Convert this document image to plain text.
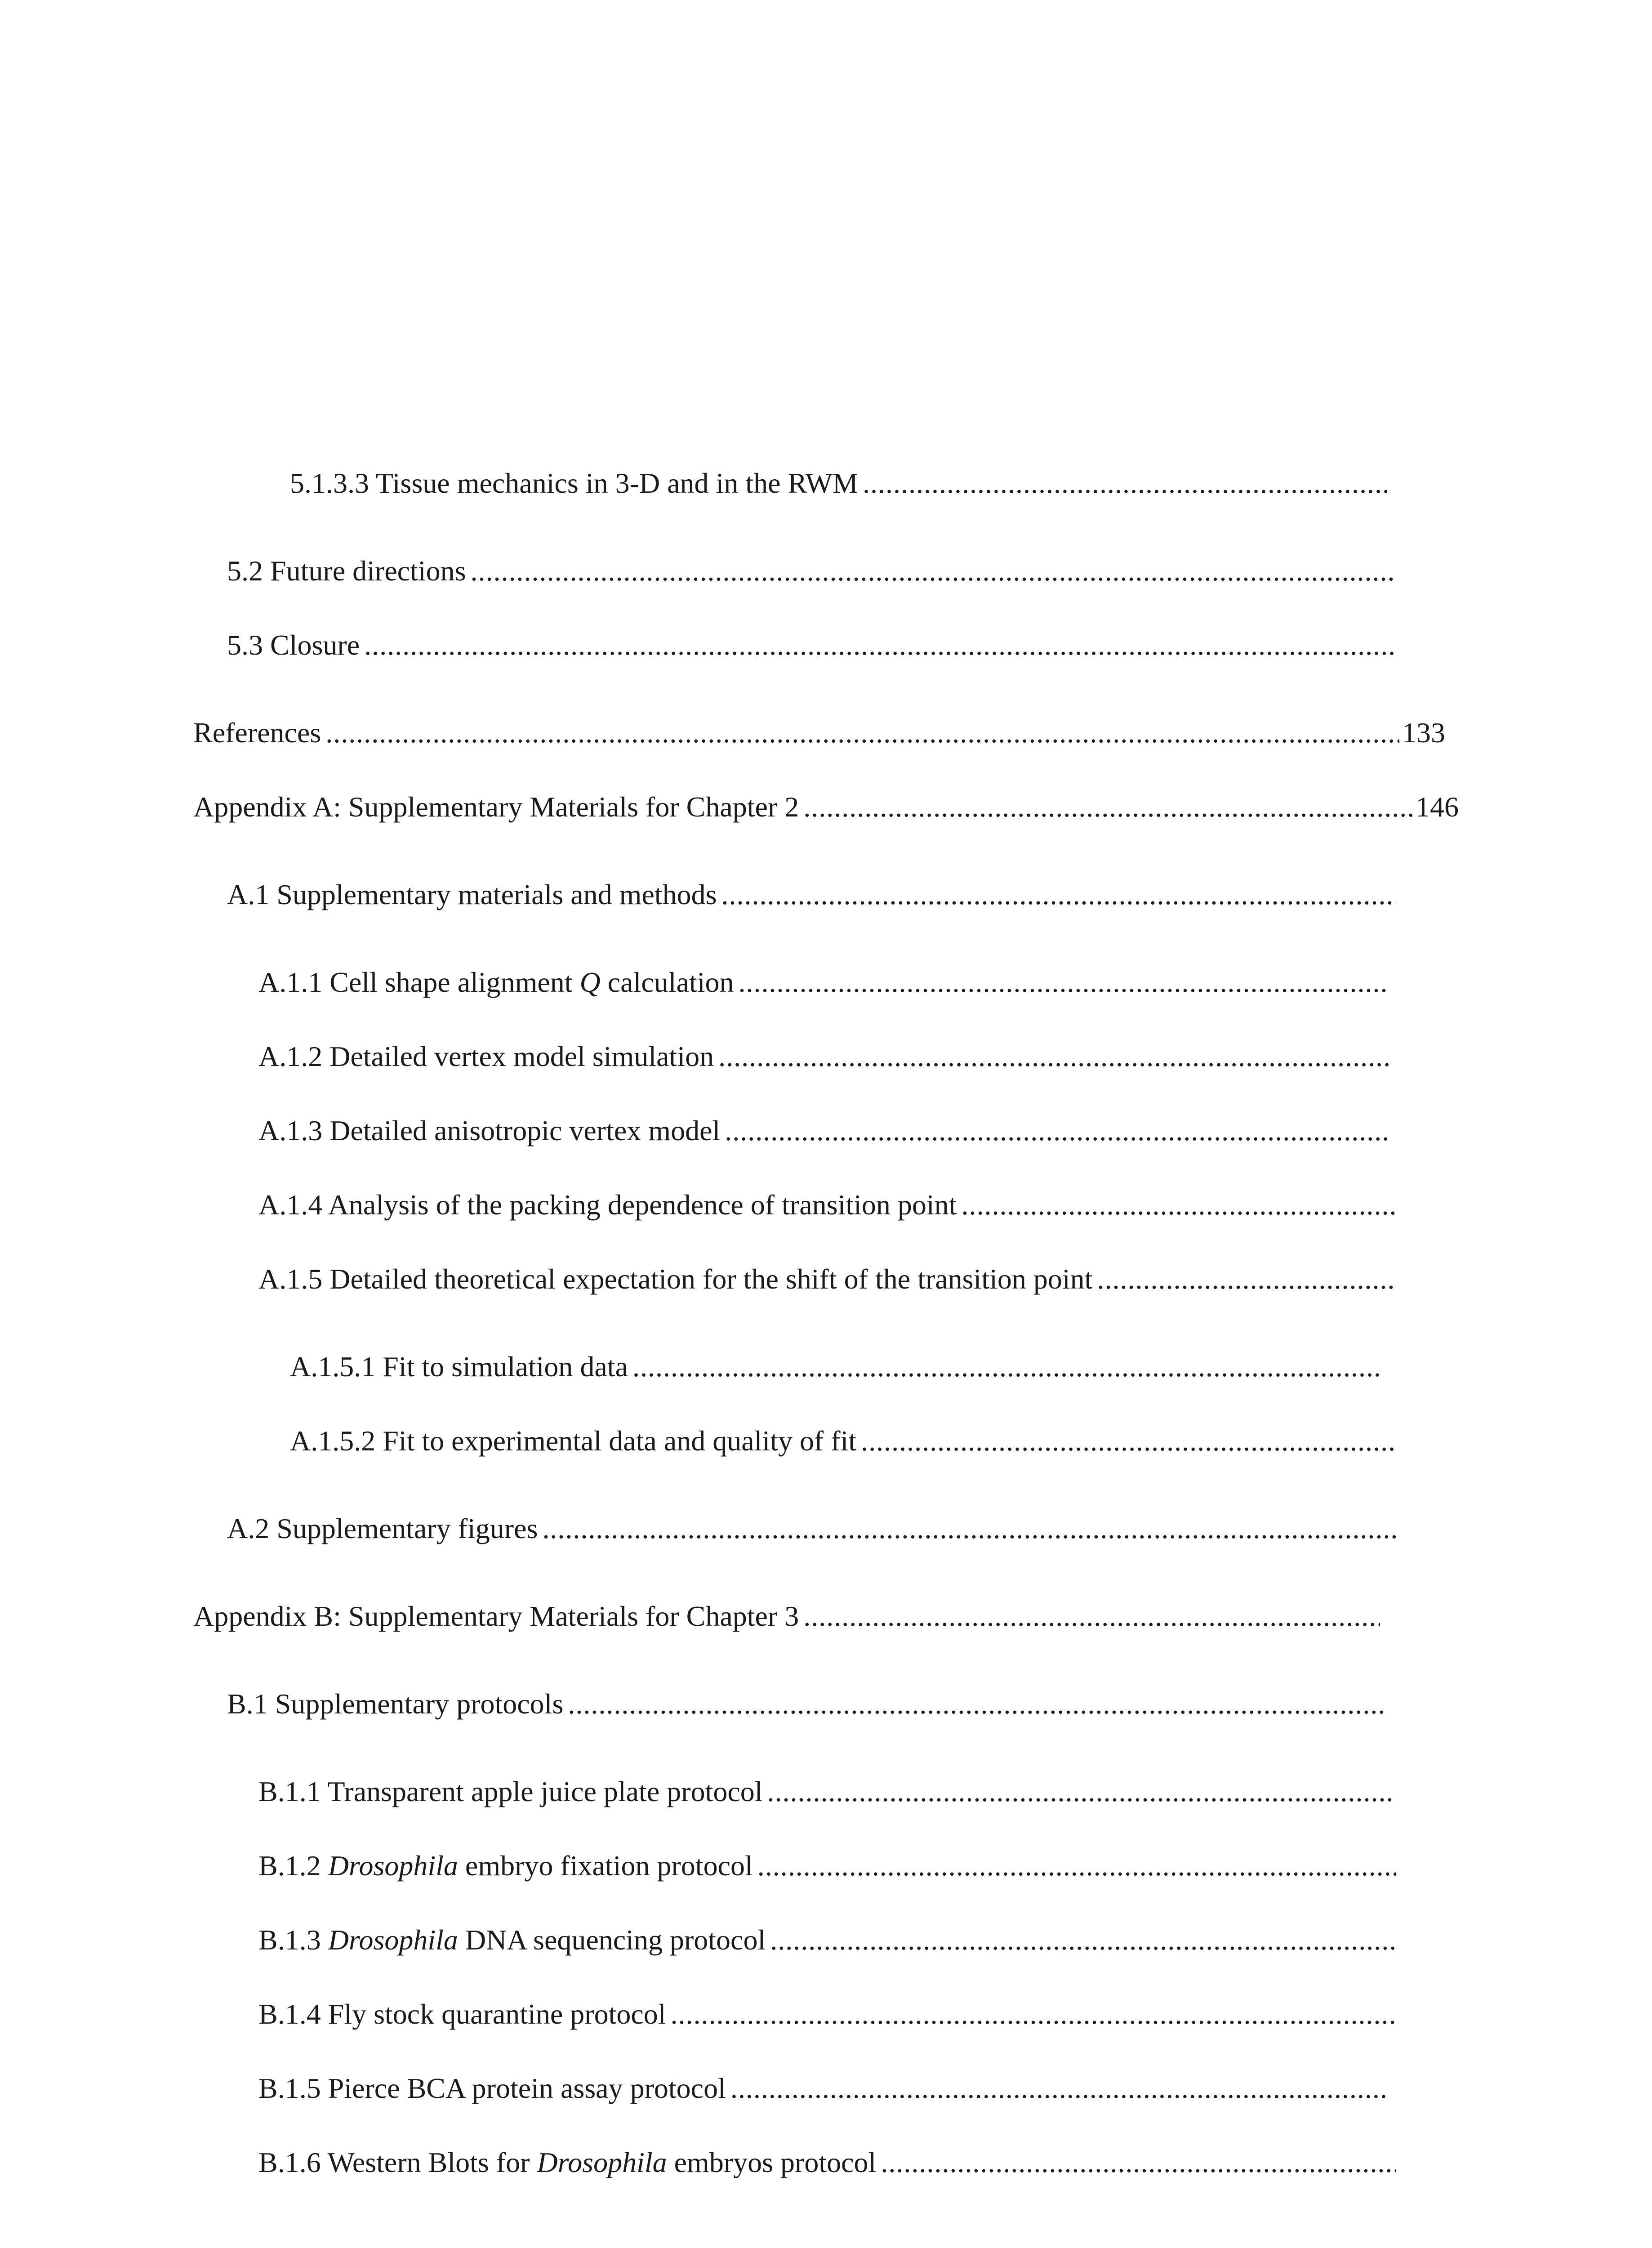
5.1.3.3 Tissue mechanics in 3-D and in the RWM
.....
5.2 Future directions
.....
5.3 Closure
.....
References .....	133
Appendix A: Supplementary Materials for Chapter 2 .....	146
A.1 Supplementary materials and methods
.....
A.1.1 Cell shape alignment Q calculation
.....
A.1.2 Detailed vertex model simulation
.....
A.1.3 Detailed anisotropic vertex model
.....
A.1.4 Analysis of the packing dependence of transition point
.....
A.1.5 Detailed theoretical expectation for the shift of the transition point
.....
A.1.5.1 Fit to simulation data
.....
A.1.5.2 Fit to experimental data and quality of fit
.....
A.2 Supplementary figures
.....
Appendix B: Supplementary Materials for Chapter 3
.....
B.1 Supplementary protocols
.....
B.1.1 Transparent apple juice plate protocol
.....
B.1.2 Drosophila embryo fixation protocol
.....
B.1.3 Drosophila DNA sequencing protocol
.....
B.1.4 Fly stock quarantine protocol
.....
B.1.5 Pierce BCA protein assay protocol
.....
B.1.6 Western Blots for Drosophila embryos protocol
.....
